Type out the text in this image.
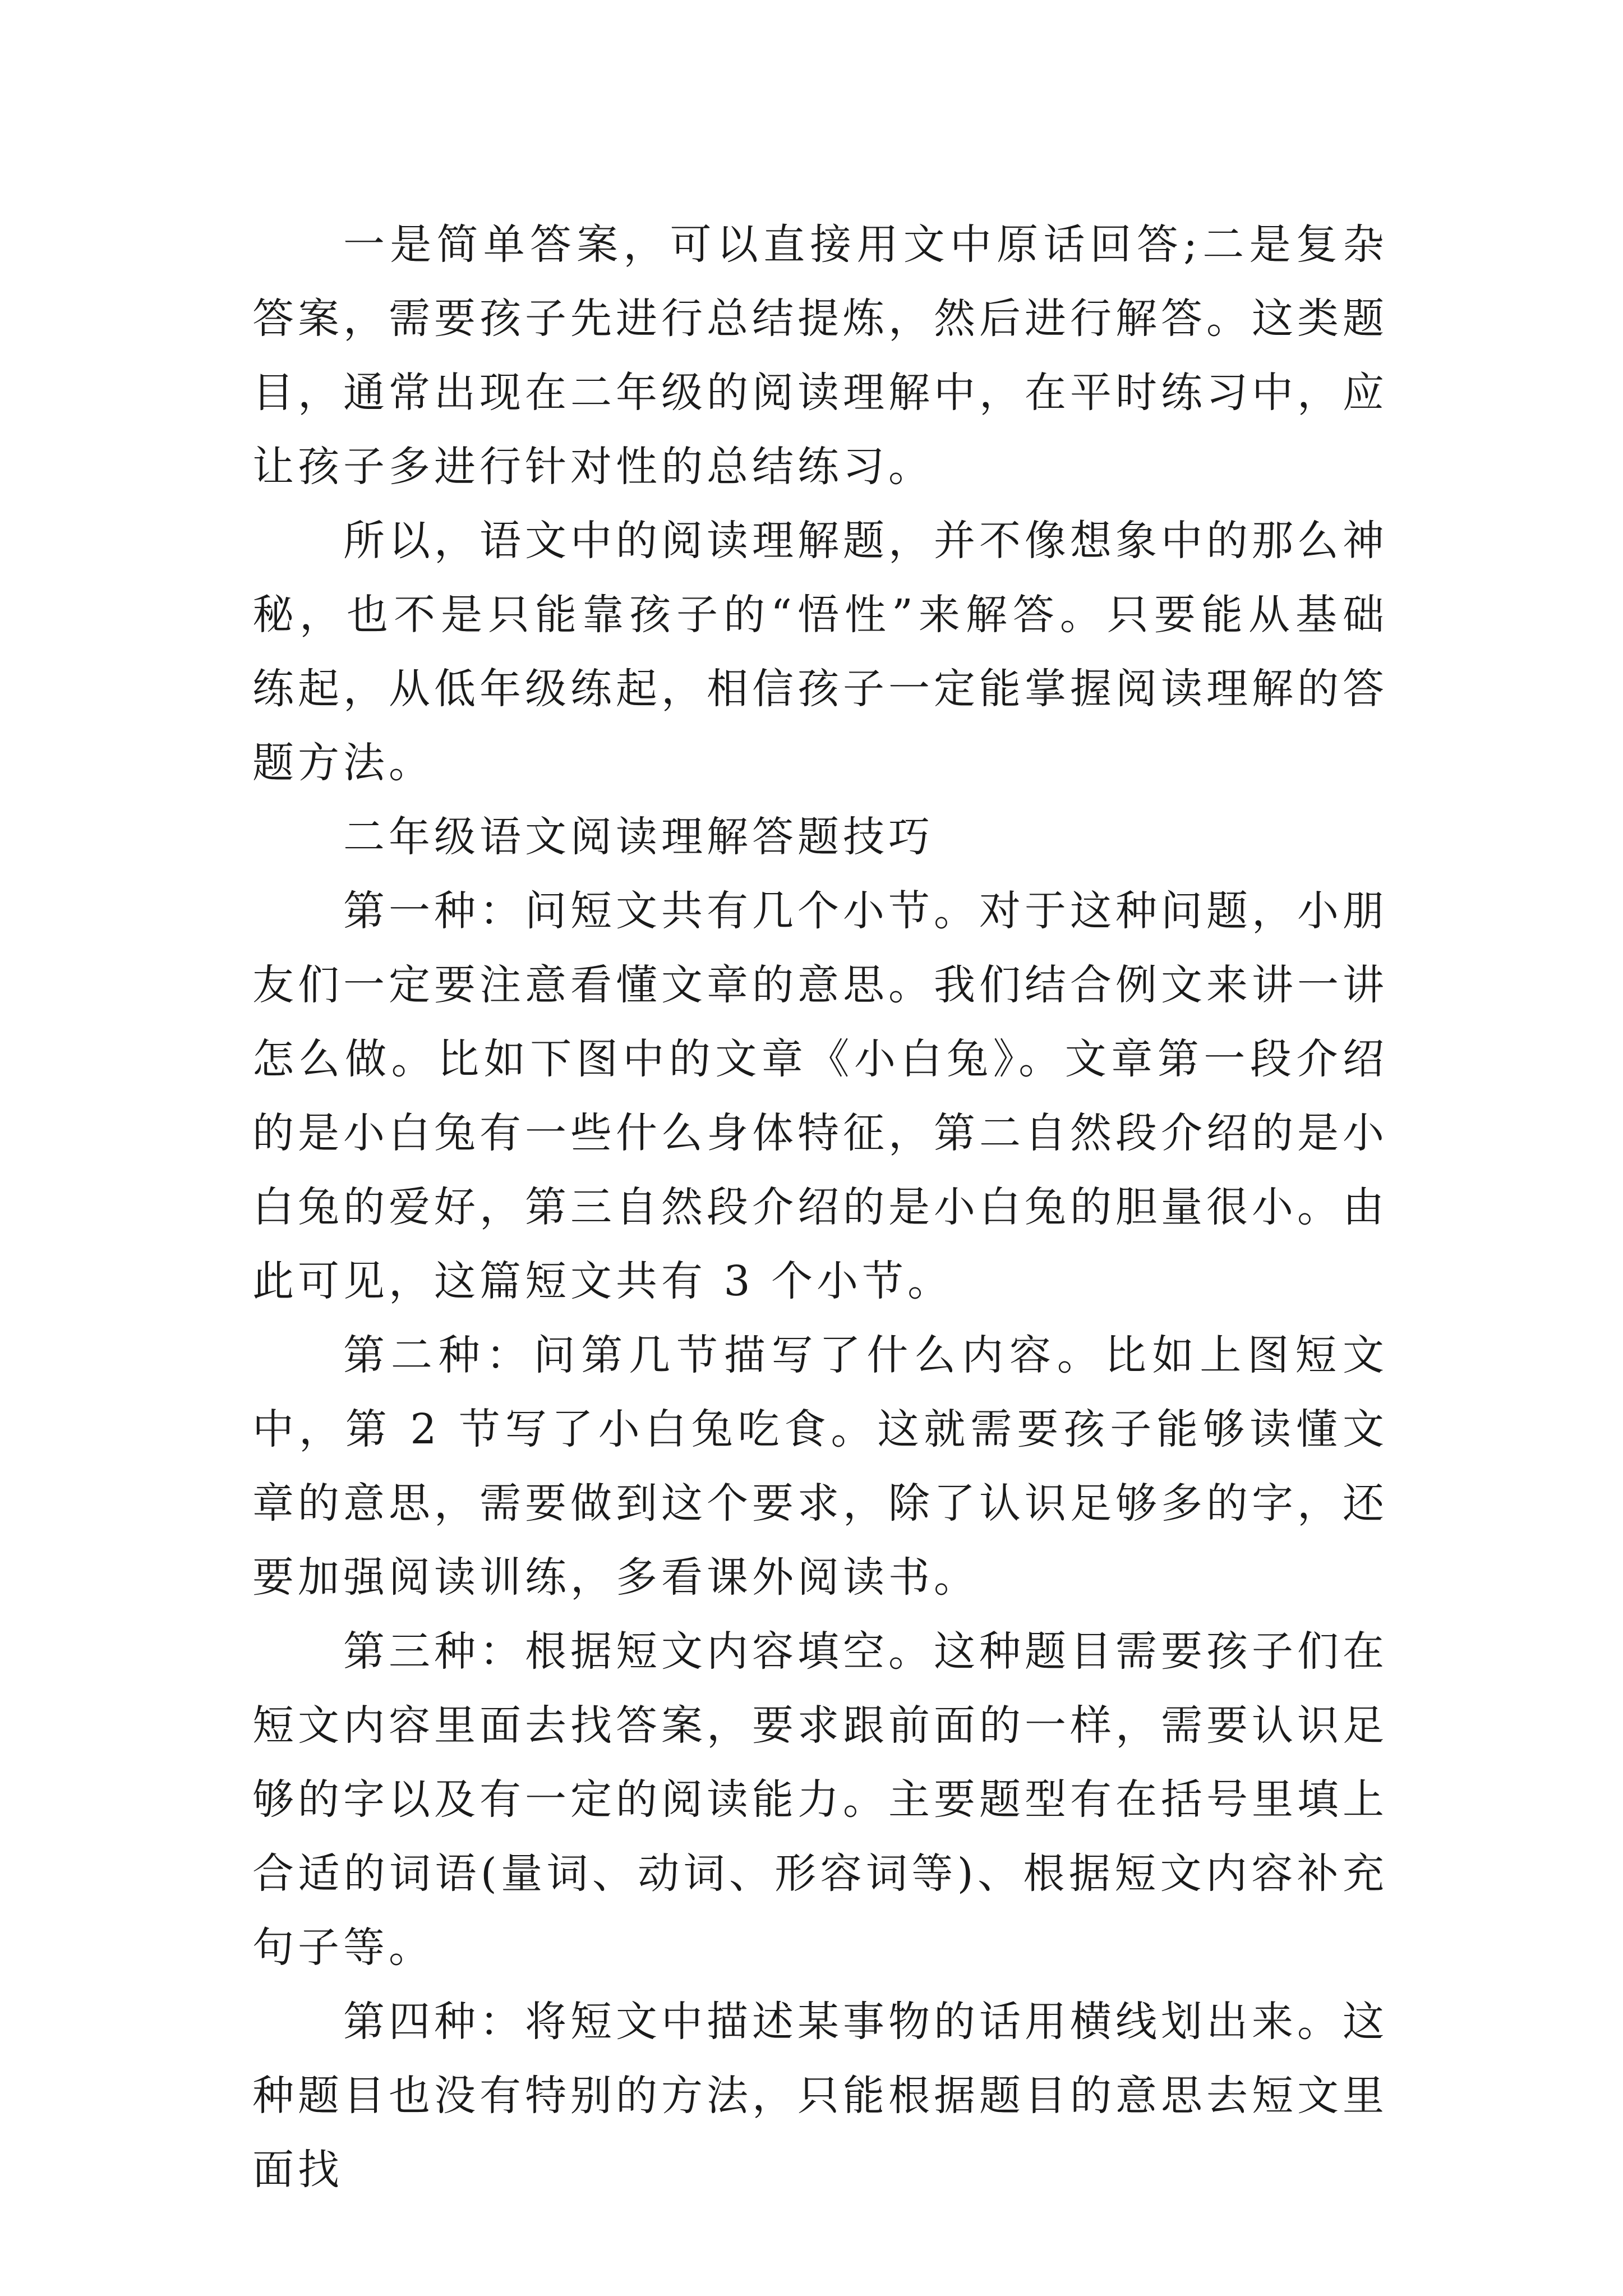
一是简单答案，可以直接用文中原话回答;二是复杂答案，需要孩子先进行总结提炼，然后进行解答。这类题目，通常出现在二年级的阅读理解中，在平时练习中，应让孩子多进行针对性的总结练习。

所以，语文中的阅读理解题，并不像想象中的那么神秘，也不是只能靠孩子的“悟性”来解答。只要能从基础练起，从低年级练起，相信孩子一定能掌握阅读理解的答题方法。

二年级语文阅读理解答题技巧

第一种：问短文共有几个小节。对于这种问题，小朋友们一定要注意看懂文章的意思。我们结合例文来讲一讲怎么做。比如下图中的文章《小白兔》。文章第一段介绍的是小白兔有一些什么身体特征，第二自然段介绍的是小白兔的爱好，第三自然段介绍的是小白兔的胆量很小。由此可见，这篇短文共有 3 个小节。

第二种：问第几节描写了什么内容。比如上图短文中，第 2 节写了小白兔吃食。这就需要孩子能够读懂文章的意思，需要做到这个要求，除了认识足够多的字，还要加强阅读训练，多看课外阅读书。

第三种：根据短文内容填空。这种题目需要孩子们在短文内容里面去找答案，要求跟前面的一样，需要认识足够的字以及有一定的阅读能力。主要题型有在括号里填上合适的词语(量词、动词、形容词等)、根据短文内容补充句子等。

第四种：将短文中描述某事物的话用横线划出来。这种题目也没有特别的方法，只能根据题目的意思去短文里面找
